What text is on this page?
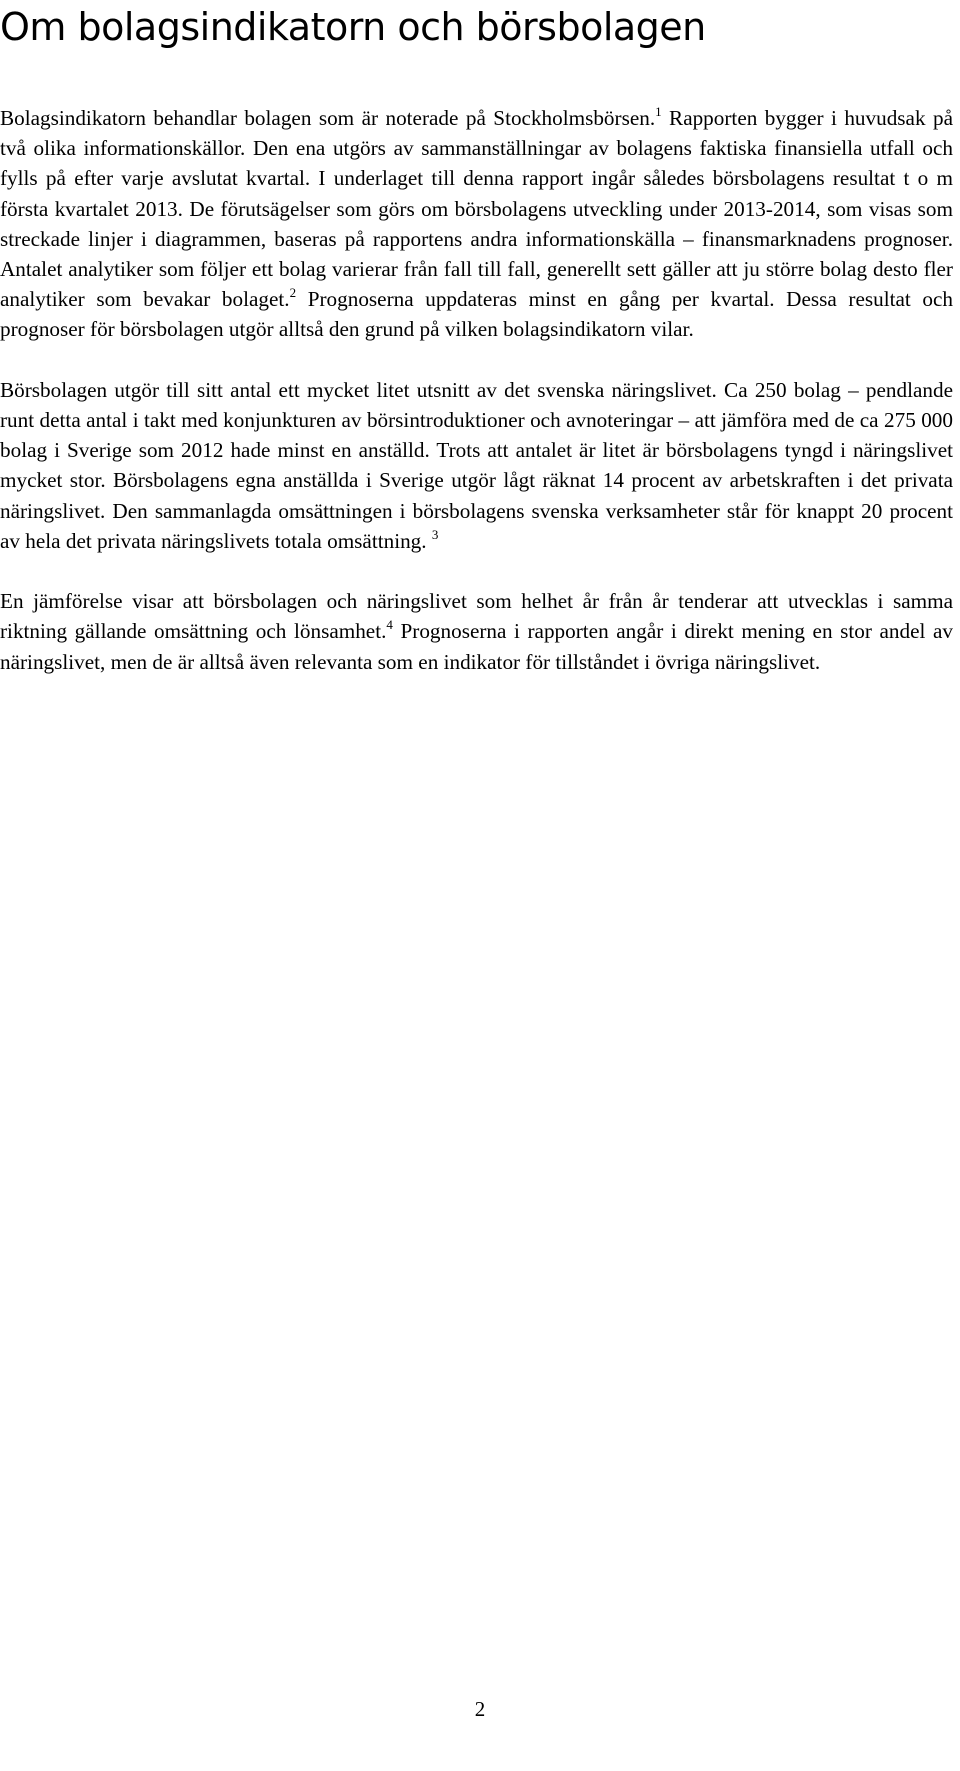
Om bolagsindikatorn och börsbolagen

Bolagsindikatorn behandlar bolagen som är noterade på Stockholmsbörsen.$^1$ Rapporten bygger i huvudsak på två olika informationskällor. Den ena utgörs av sammanställningar av bolagens faktiska finansiella utfall och fylls på efter varje avslutat kvartal. I underlaget till denna rapport ingår således börsbolagens resultat t o m första kvartalet 2013. De förutsägelser som görs om börsbolagens utveckling under 2013-2014, som visas som streckade linjer i diagrammen, baseras på rapportens andra informationskälla – finansmarknadens prognoser. Antalet analytiker som följer ett bolag varierar från fall till fall, generellt sett gäller att ju större bolag desto fler analytiker som bevakar bolaget.$^2$ Prognoserna uppdateras minst en gång per kvartal. Dessa resultat och prognoser för börsbolagen utgör alltså den grund på vilken bolagsindikatorn vilar.

Börsbolagen utgör till sitt antal ett mycket litet utsnitt av det svenska näringslivet. Ca 250 bolag – pendlande runt detta antal i takt med konjunkturen av börsintroduktioner och avnoteringar – att jämföra med de ca 275 000 bolag i Sverige som 2012 hade minst en anställd. Trots att antalet är litet är börsbolagens tyngd i näringslivet mycket stor. Börsbolagens egna anställda i Sverige utgör lågt räknat 14 procent av arbetskraften i det privata näringslivet. Den sammanlagda omsättningen i börsbolagens svenska verksamheter står för knappt 20 procent av hela det privata näringslivets totala omsättning. $^3$

En jämförelse visar att börsbolagen och näringslivet som helhet år från år tenderar att utvecklas i samma riktning gällande omsättning och lönsamhet.$^4$ Prognoserna i rapporten angår i direkt mening en stor andel av näringslivet, men de är alltså även relevanta som en indikator för tillståndet i övriga näringslivet.

2
